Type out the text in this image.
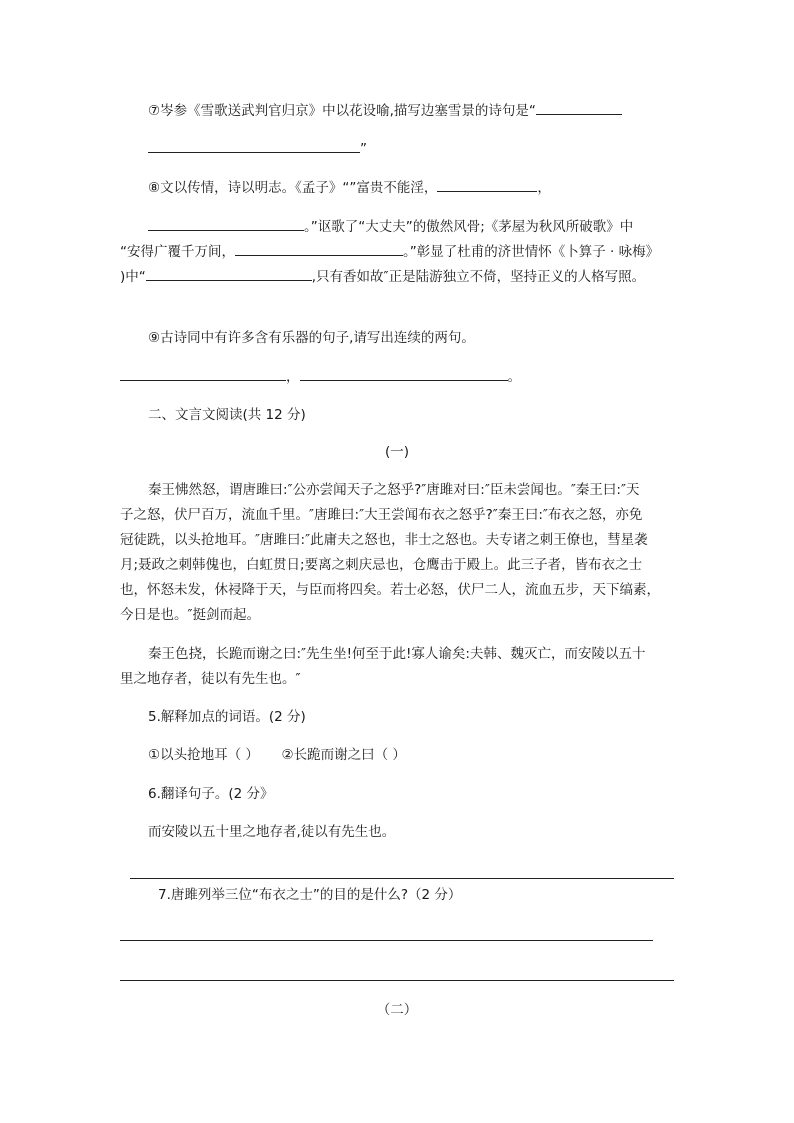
⑦岑参《雪歌送武判官归京》中以花设喻,描写边塞雪景的诗句是“
”
⑧文以传情，诗以明志。《孟子》“”富贵不能淫，	，
。”讴歌了“大丈夫”的傲然风骨;《茅屋为秋风所破歌》中
“安得广覆千万间，	。”彰显了杜甫的济世情怀《卜算子 · 咏梅》
)中“	,只有香如故″正是陆游独立不倚，坚持正义的人格写照。
⑨古诗同中有许多含有乐器的句子,请写出连续的两句。
，	。
二、文言文阅读(共 12 分)
(一)
秦王怫然怒，谓唐雎曰:″公亦尝闻天子之怒乎?″唐雎对曰:″臣未尝闻也。″秦王曰:″天
子之怒，伏尸百万，流血千里。″唐雎曰:″大王尝闻布衣之怒乎?″秦王曰:″布衣之怒，亦免
冠徒跣，以头抢地耳。″唐雎曰:″此庸夫之怒也，非士之怒也。夫专诸之刺王僚也，彗星袭
月;聂政之刺韩傀也，白虹贯日;要离之刺庆忌也，仓鹰击于殿上。此三子者，皆布衣之士
也，怀怒未发，休祲降于天，与臣而将四矣。若士必怒，伏尸二人，流血五步，天下缟素，
今日是也。″挺剑而起。
秦王色挠，长跪而谢之曰:″先生坐!何至于此!寡人谕矣:夫韩、魏灭亡，而安陵以五十
里之地存者，徒以有先生也。″
5.解释加点的词语。(2 分)
①以头抢地耳（ ） ②长跪而谢之曰（ ）
6.翻译句子。(2 分》
而安陵以五十里之地存者,徒以有先生也。
7.唐雎列举三位“布衣之士”的目的是什么?（2 分）
（二）
